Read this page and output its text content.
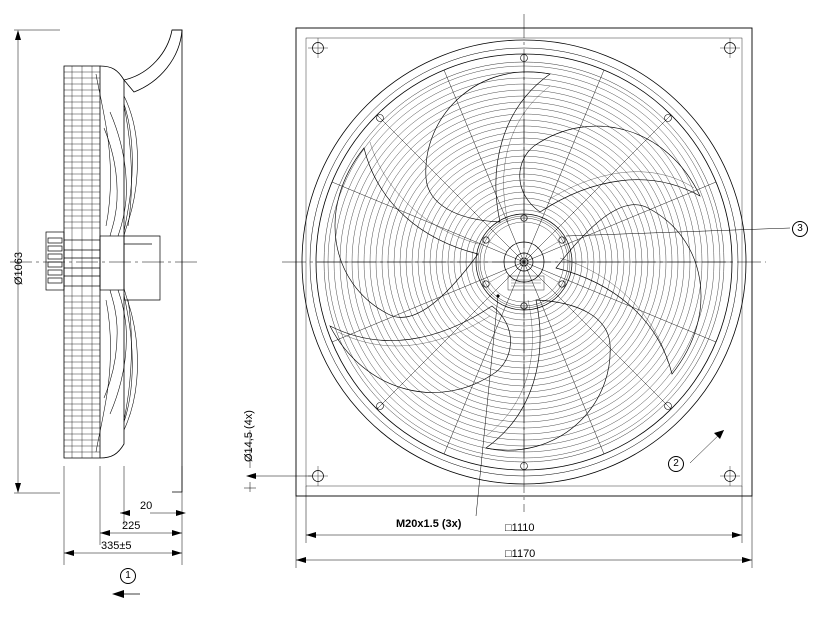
Ø1063
20
225
335±5
Ø14,5 (4x)
M20x1.5 (3x)	□1110
□1170
1
2
3
